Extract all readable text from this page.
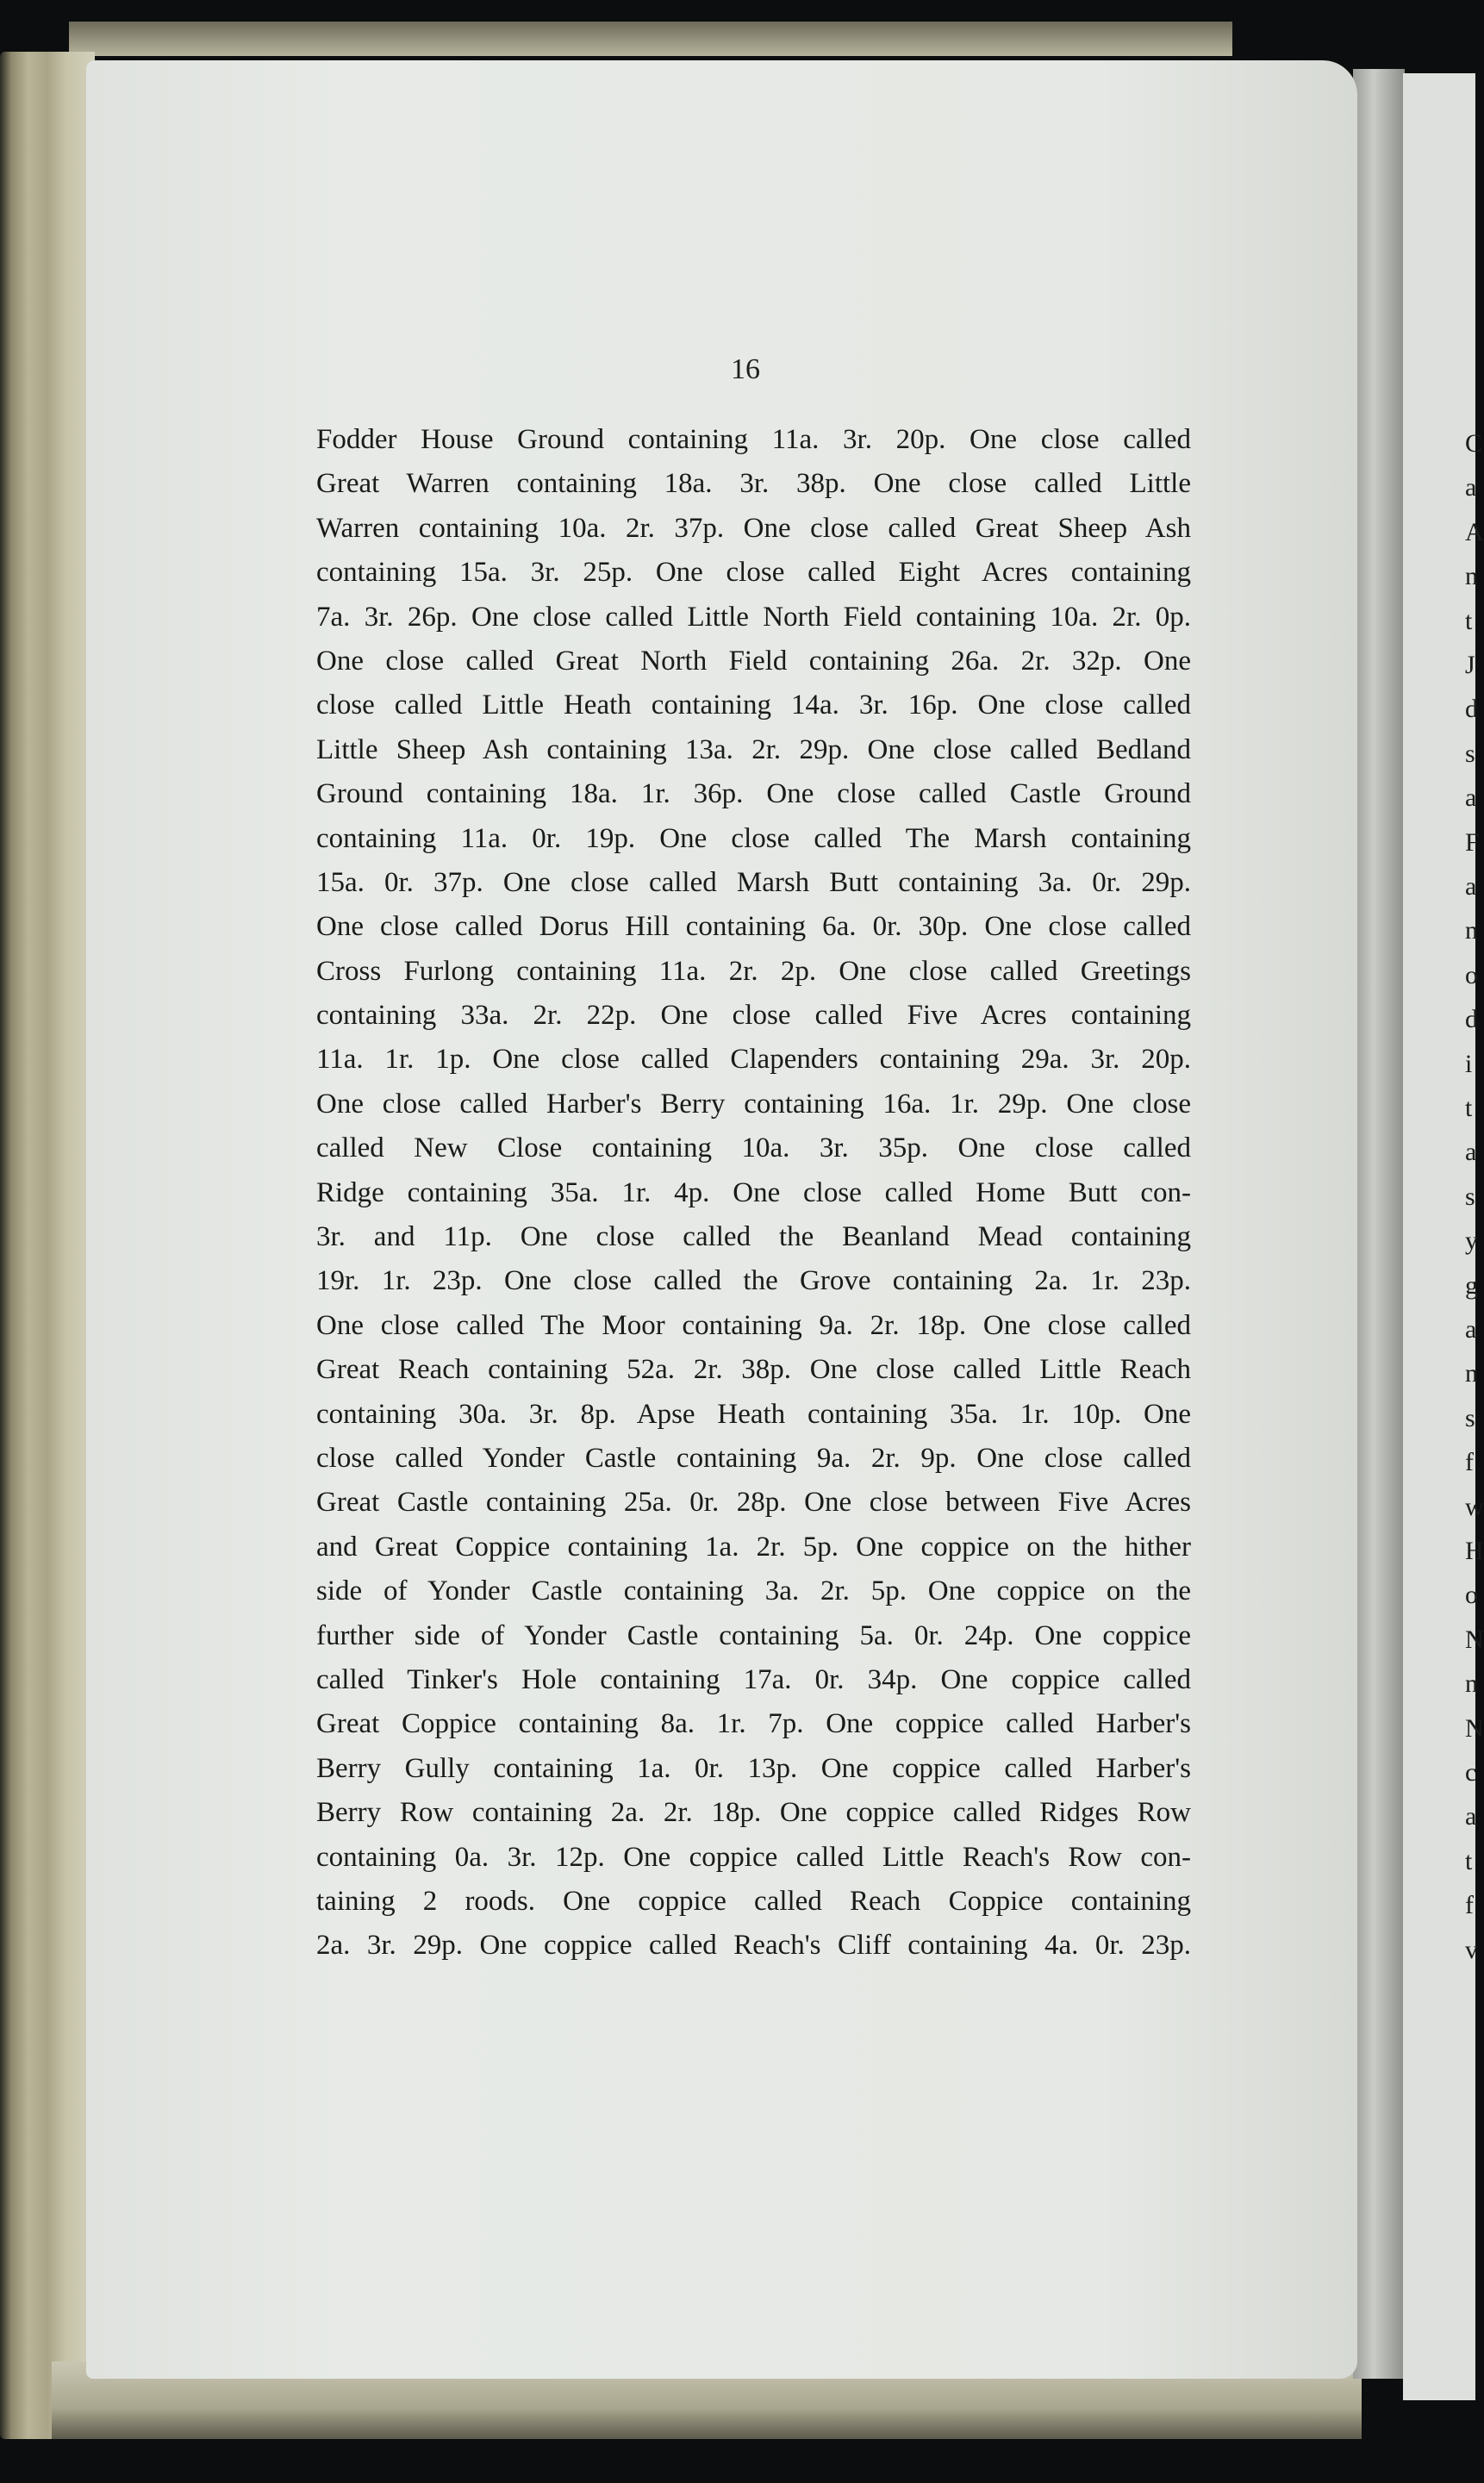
16
Fodder House Ground containing 11a. 3r. 20p. One close called
Great Warren containing 18a. 3r. 38p. One close called Little
Warren containing 10a. 2r. 37p. One close called Great Sheep Ash
containing 15a. 3r. 25p. One close called Eight Acres containing
7a. 3r. 26p. One close called Little North Field containing 10a. 2r. 0p.
One close called Great North Field containing 26a. 2r. 32p. One
close called Little Heath containing 14a. 3r. 16p. One close called
Little Sheep Ash containing 13a. 2r. 29p. One close called Bedland
Ground containing 18a. 1r. 36p. One close called Castle Ground
containing 11a. 0r. 19p. One close called The Marsh containing
15a. 0r. 37p. One close called Marsh Butt containing 3a. 0r. 29p.
One close called Dorus Hill containing 6a. 0r. 30p. One close called
Cross Furlong containing 11a. 2r. 2p. One close called Greetings
containing 33a. 2r. 22p. One close called Five Acres containing
11a. 1r. 1p. One close called Clapenders containing 29a. 3r. 20p.
One close called Harber's Berry containing 16a. 1r. 29p. One close
called New Close containing 10a. 3r. 35p. One close called
Ridge containing 35a. 1r. 4p. One close called Home Butt con-
3r. and 11p. One close called the Beanland Mead containing
19r. 1r. 23p. One close called the Grove containing 2a. 1r. 23p.
One close called The Moor containing 9a. 2r. 18p. One close called
Great Reach containing 52a. 2r. 38p. One close called Little Reach
containing 30a. 3r. 8p. Apse Heath containing 35a. 1r. 10p. One
close called Yonder Castle containing 9a. 2r. 9p. One close called
Great Castle containing 25a. 0r. 28p. One close between Five Acres
and Great Coppice containing 1a. 2r. 5p. One coppice on the hither
side of Yonder Castle containing 3a. 2r. 5p. One coppice on the
further side of Yonder Castle containing 5a. 0r. 24p. One coppice
called Tinker's Hole containing 17a. 0r. 34p. One coppice called
Great Coppice containing 8a. 1r. 7p. One coppice called Harber's
Berry Gully containing 1a. 0r. 13p. One coppice called Harber's
Berry Row containing 2a. 2r. 18p. One coppice called Ridges Row
containing 0a. 3r. 12p. One coppice called Little Reach's Row con-
taining 2 roods. One coppice called Reach Coppice containing
2a. 3r. 29p. One coppice called Reach's Cliff containing 4a. 0r. 23p.
C
a
A
n
t
J
d
s
a
F
a
n
o
d
i
t
a
s
y
g
a
n
s
f
w
H
o
N
n
N
c
a
t
f
v
